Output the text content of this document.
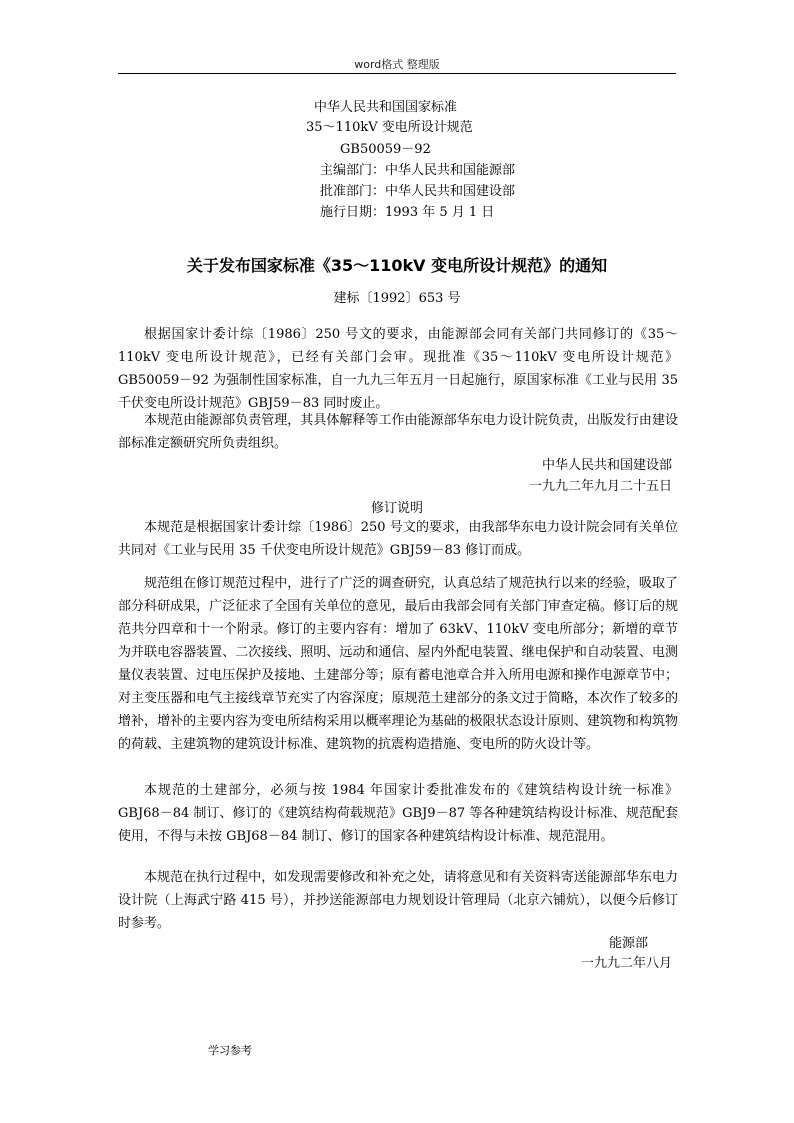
word格式 整理版
中华人民共和国国家标准
35～110kV 变电所设计规范
GB50059－92
主编部门：中华人民共和国能源部
批准部门：中华人民共和国建设部
施行日期：1993 年 5 月 1 日
关于发布国家标准《35～110kV 变电所设计规范》的通知
建标〔1992〕653 号

根据国家计委计综〔1986〕250 号文的要求，由能源部会同有关部门共同修订的《35～110kV 变电所设计规范》，已经有关部门会审。现批准《35～110kV 变电所设计规范》GB50059－92 为强制性国家标准，自一九九三年五月一日起施行，原国家标准《工业与民用 35 千伏变电所设计规范》GBJ59－83 同时废止。

本规范由能源部负责管理，其具体解释等工作由能源部华东电力设计院负责，出版发行由建设部标准定额研究所负责组织。

中华人民共和国建设部
一九九二年九月二十五日
修订说明

本规范是根据国家计委计综〔1986〕250 号文的要求，由我部华东电力设计院会同有关单位共同对《工业与民用 35 千伏变电所设计规范》GBJ59－83 修订而成。

规范组在修订规范过程中，进行了广泛的调查研究，认真总结了规范执行以来的经验，吸取了部分科研成果，广泛征求了全国有关单位的意见，最后由我部会同有关部门审查定稿。修订后的规范共分四章和十一个附录。修订的主要内容有：增加了 63kV、110kV 变电所部分；新增的章节为并联电容器装置、二次接线、照明、远动和通信、屋内外配电装置、继电保护和自动装置、电测量仪表装置、过电压保护及接地、土建部分等；原有蓄电池章合并入所用电源和操作电源章节中；对主变压器和电气主接线章节充实了内容深度；原规范土建部分的条文过于简略，本次作了较多的增补，增补的主要内容为变电所结构采用以概率理论为基础的极限状态设计原则、建筑物和构筑物的荷载、主建筑物的建筑设计标准、建筑物的抗震构造措施、变电所的防火设计等。

本规范的土建部分，必须与按 1984 年国家计委批准发布的《建筑结构设计统一标准》GBJ68－84 制订、修订的《建筑结构荷载规范》GBJ9－87 等各种建筑结构设计标准、规范配套使用，不得与未按 GBJ68－84 制订、修订的国家各种建筑结构设计标准、规范混用。

本规范在执行过程中，如发现需要修改和补充之处，请将意见和有关资料寄送能源部华东电力设计院（上海武宁路 415 号），并抄送能源部电力规划设计管理局（北京六铺炕），以便今后修订时参考。

能源部
一九九二年八月
学习参考
